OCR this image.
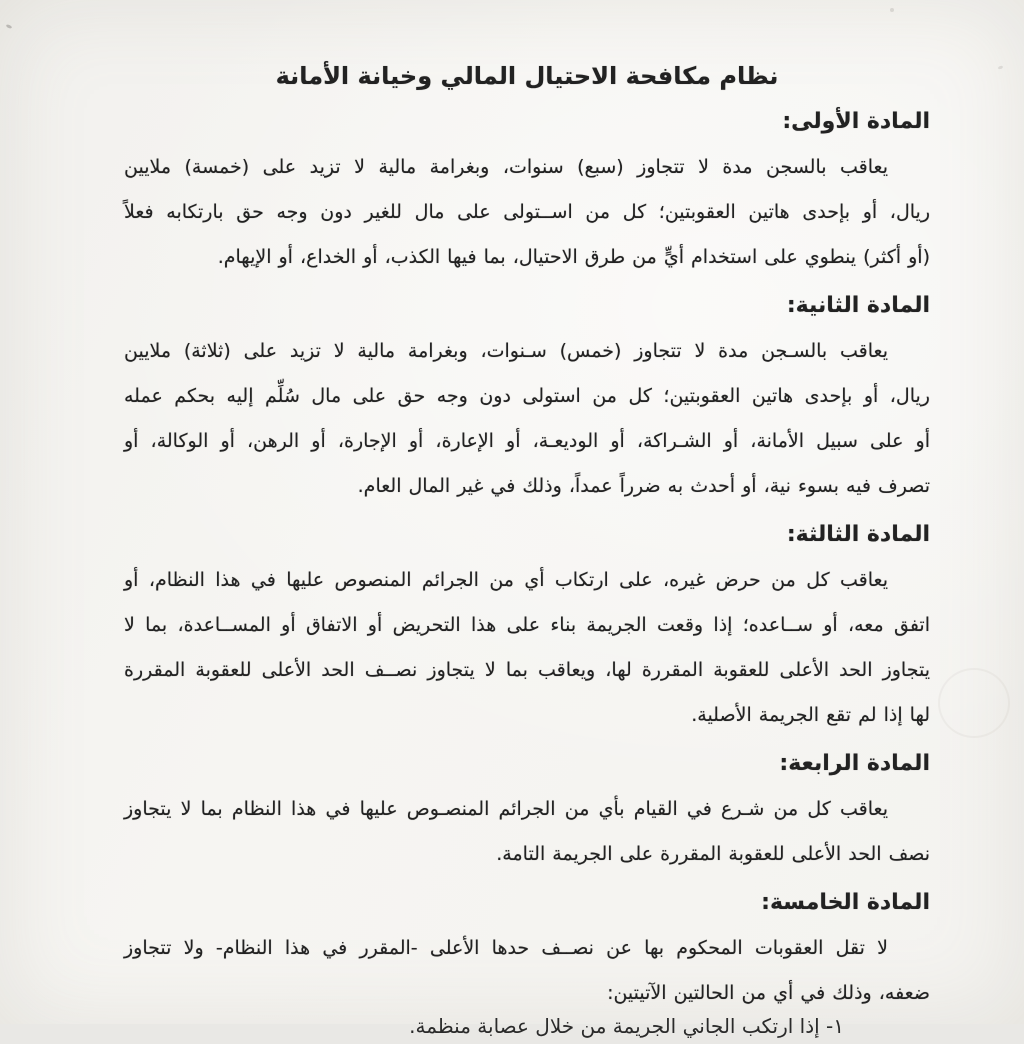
نظام مكافحة الاحتيال المالي وخيانة الأمانة
المادة الأولى:
يعاقب بالسجن مدة لا تتجاوز (سبع) سنوات، وبغرامة مالية لا تزيد على (خمسة) ملايين
ريال، أو بإحدى هاتين العقوبتين؛ كل من اســتولى على مال للغير دون وجه حق بارتكابه فعلاً
(أو أكثر) ينطوي على استخدام أيٍّ من طرق الاحتيال، بما فيها الكذب، أو الخداع، أو الإيهام.
المادة الثانية:
يعاقب بالسـجن مدة لا تتجاوز (خمس) سـنوات، وبغرامة مالية لا تزيد على (ثلاثة) ملايين
ريال، أو بإحدى هاتين العقوبتين؛ كل من استولى دون وجه حق على مال سُلِّم إليه بحكم عمله
أو على سبيل الأمانة، أو الشـراكة، أو الوديعـة، أو الإعارة، أو الإجارة، أو الرهن، أو الوكالة، أو
تصرف فيه بسوء نية، أو أحدث به ضرراً عمداً، وذلك في غير المال العام.
المادة الثالثة:
يعاقب كل من حرض غيره، على ارتكاب أي من الجرائم المنصوص عليها في هذا النظام، أو
اتفق معه، أو ســاعده؛ إذا وقعت الجريمة بناء على هذا التحريض أو الاتفاق أو المســاعدة، بما لا
يتجاوز الحد الأعلى للعقوبة المقررة لها، ويعاقب بما لا يتجاوز نصــف الحد الأعلى للعقوبة المقررة
لها إذا لم تقع الجريمة الأصلية.
المادة الرابعة:
يعاقب كل من شـرع في القيام بأي من الجرائم المنصـوص عليها في هذا النظام بما لا يتجاوز
نصف الحد الأعلى للعقوبة المقررة على الجريمة التامة.
المادة الخامسة:
لا تقل العقوبات المحكوم بها عن نصــف حدها الأعلى -المقرر في هذا النظام- ولا تتجاوز
ضعفه، وذلك في أي من الحالتين الآتيتين:
١- إذا ارتكب الجاني الجريمة من خلال عصابة منظمة.
